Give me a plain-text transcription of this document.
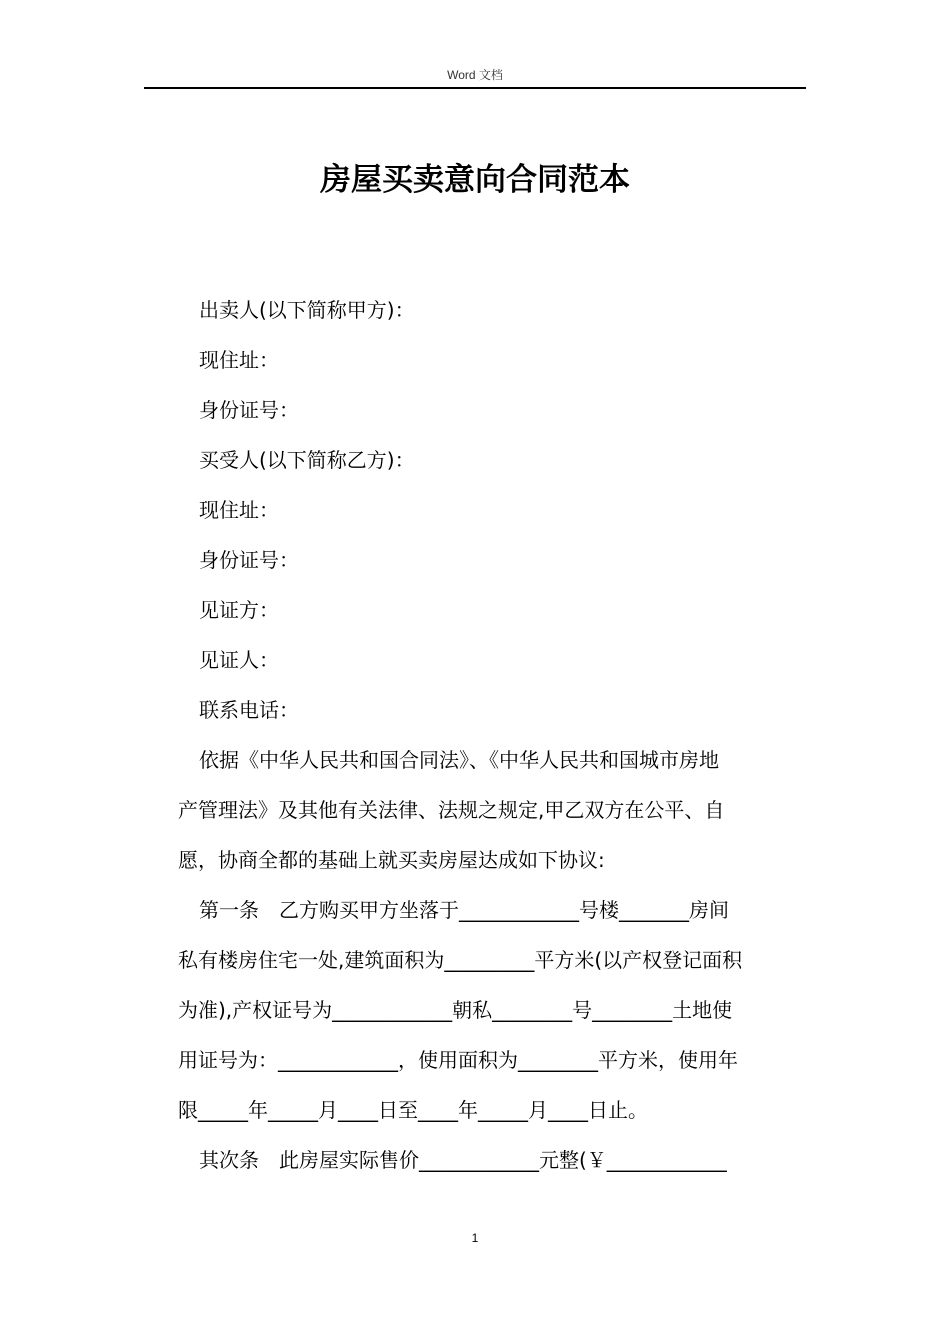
Word 文档
房屋买卖意向合同范本

出卖人(以下简称甲方)：

现住址：

身份证号：

买受人(以下简称乙方)：

现住址：

身份证号：

见证方：

见证人：

联系电话：

依据《中华人民共和国合同法》、《中华人民共和国城市房地
产管理法》及其他有关法律、法规之规定,甲乙双方在公平、自
愿，协商全都的基础上就买卖房屋达成如下协议:
第一条　乙方购买甲方坐落于____________号楼_______房间
私有楼房住宅一处,建筑面积为_________平方米(以产权登记面积
为准),产权证号为____________朝私________号________土地使
用证号为：____________，使用面积为________平方米，使用年
限_____年_____月____日至____年_____月____日止。
其次条　此房屋实际售价____________元整(￥____________
1
